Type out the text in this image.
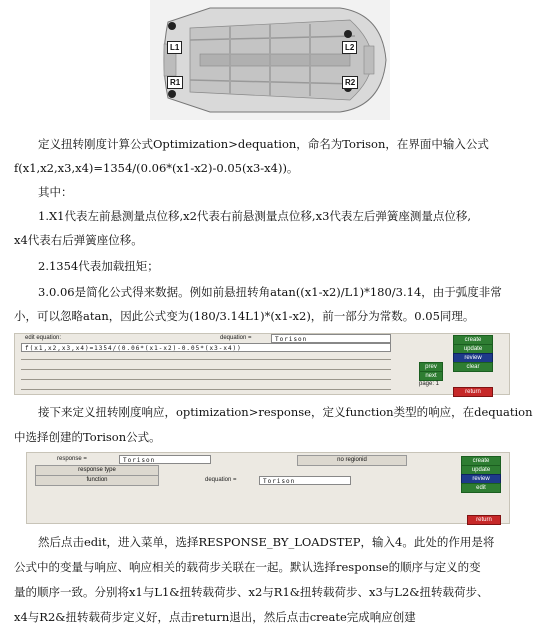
L1	L2
R1	R2
定义扭转刚度计算公式Optimization>dequation，命名为Torison，在界面中输入公式
f(x1,x2,x3,x4)=1354/(0.06*(x1-x2)-0.05(x3-x4))。
其中：
1.X1代表左前悬测量点位移,x2代表右前悬测量点位移,x3代表左后弹簧座测量点位移,
x4代表右后弹簧座位移。
2.1354代表加载扭矩；
3.0.06是简化公式得来数据。例如前悬扭转角atan((x1-x2)/L1)*180/3.14，由于弧度非常
小，可以忽略atan，因此公式变为(180/3.14L1)*(x1-x2)，前一部分为常数。0.05同理。
edit equation:	dequation =	Torison
f(x1,x2,x3,x4)=1354/(0.06*(x1-x2)-0.05*(x3-x4))
create
update
review
clear
prev
next
page: 1
return
接下来定义扭转刚度响应，optimization>response，定义function类型的响应，在dequation
中选择创建的Torison公式。
response =	Torison	no regionid
response type
function	dequation =	Torison
create
update
review
edit
return
然后点击edit，进入菜单，选择RESPONSE_BY_LOADSTEP，输入4。此处的作用是将
公式中的变量与响应、响应相关的载荷步关联在一起。默认选择response的顺序与定义的变
量的顺序一致。分别将x1与L1&扭转载荷步、x2与R1&扭转载荷步、x3与L2&扭转载荷步、
x4与R2&扭转载荷步定义好，点击return退出，然后点击create完成响应创建
